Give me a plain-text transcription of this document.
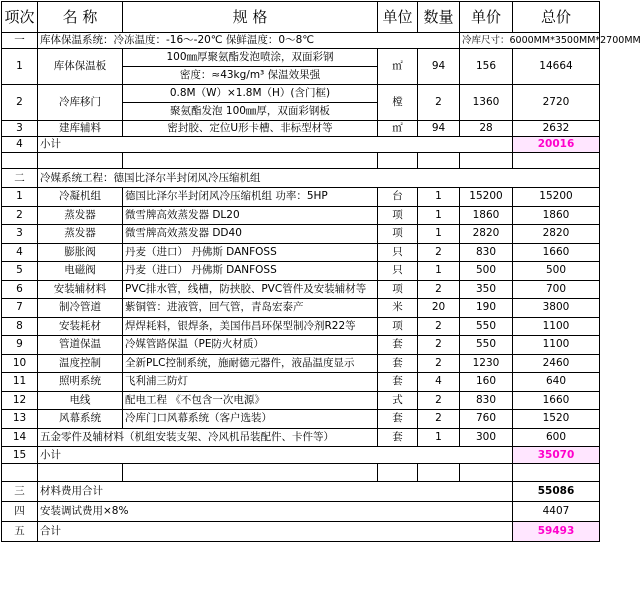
项次	名 称	规 格	单位	数量	单价	总价
一	库体保温系统：冷冻温度：-16～-20℃ 保鲜温度：0～8℃				冷库尺寸：6000MM*3500MM*2700MM	
1	库体保温板	100㎜厚聚氨酯发泡喷涂，双面彩钢	㎡	94	156	14664
		密度：≈43kg/m³ 保温效果强				
2	冷库移门	0.8M（W）×1.8M（H）(含门框)	樘	2	1360	2720
		聚氨酯发泡 100㎜厚，双面彩钢板				
3	建库辅料	密封胶、定位U形卡槽、非标型材等	㎡	94	28	2632
4	小计					20016

二	冷媒系统工程：德国比泽尔半封闭风冷压缩机组					
1	冷凝机组	德国比泽尔半封闭风冷压缩机组 功率：5HP	台	1	15200	15200
2	蒸发器	微雪牌高效蒸发器 DL20	项	1	1860	1860
3	蒸发器	微雪牌高效蒸发器 DD40	项	1	2820	2820
4	膨胀阀	丹麦（进口） 丹佛斯 DANFOSS	只	2	830	1660
5	电磁阀	丹麦（进口） 丹佛斯 DANFOSS	只	1	500	500
6	安装辅材料	PVC排水管，线槽，防挟胶、PVC管件及安装辅材等	项	2	350	700
7	制冷管道	紫铜管：进液管，回气管，青岛宏泰产	米	20	190	3800
8	安装耗材	焊焊耗料，银焊条，美国伟昌环保型制冷剂R22等	项	2	550	1100
9	管道保温	冷媒管路保温（PE防火材质）	套	2	550	1100
10	温度控制	全新PLC控制系统，施耐德元器件，液晶温度显示	套	2	1230	2460
11	照明系统	飞利浦三防灯	套	4	160	640
12	电线	配电工程 《不包含一次电源》	式	2	830	1660
13	风幕系统	冷库门口风幕系统（客户选装）	套	2	760	1520
14	五金零件及辅材料（机组安装支架、冷风机吊装配件、卡件等）		套	1	300	600
15	小计					35070

三	材料费用合计					55086
四	安装调试费用×8%					4407
五	合计					59493
